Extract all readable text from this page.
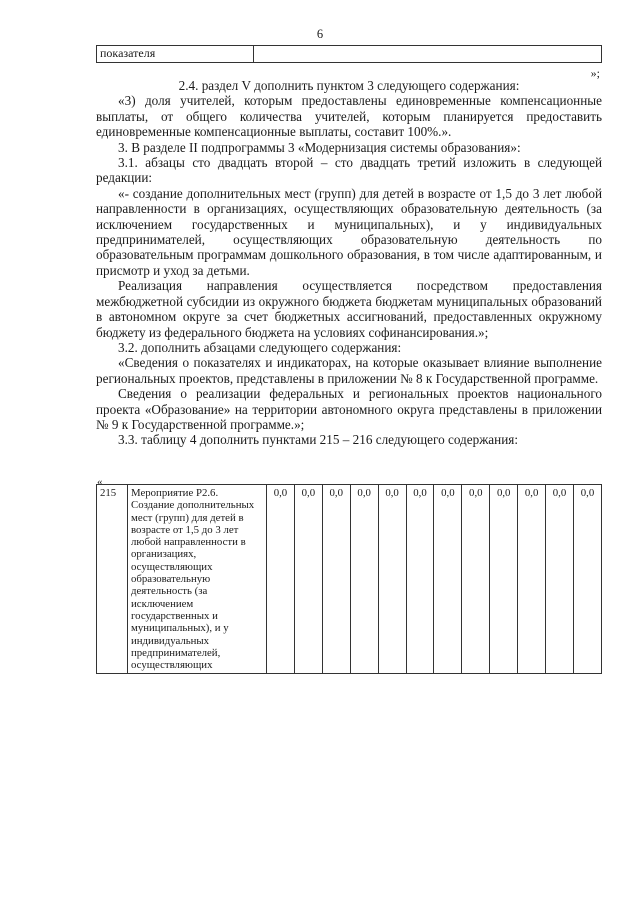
6
показателя	
»;

2.4. раздел V дополнить пунктом 3 следующего содержания:

«3) доля учителей, которым предоставлены единовременные компенсационные выплаты, от общего количества учителей, которым планируется предоставить единовременные компенсационные выплаты, составит 100%.».

3. В разделе II подпрограммы 3 «Модернизация системы образования»:

3.1. абзацы сто двадцать второй – сто двадцать третий изложить в следующей редакции:

«- создание дополнительных мест (групп) для детей в возрасте от 1,5 до 3 лет любой направленности в организациях, осуществляющих образовательную деятельность (за исключением государственных и муниципальных), и у индивидуальных предпринимателей, осуществляющих образовательную деятельность по образовательным программам дошкольного образования, в том числе адаптированным, и присмотр и уход за детьми.

Реализация направления осуществляется посредством предоставления межбюджетной субсидии из окружного бюджета бюджетам муниципальных образований в автономном округе за счет бюджетных ассигнований, предоставленных окружному бюджету из федерального бюджета на условиях софинансирования.»;

3.2. дополнить абзацами следующего содержания:

«Сведения о показателях и индикаторах, на которые оказывает влияние выполнение региональных проектов, представлены в приложении № 8 к Государственной программе.

Сведения о реализации федеральных и региональных проектов национального проекта «Образование» на территории автономного округа представлены в приложении № 9 к Государственной программе.»;

3.3. таблицу 4 дополнить пунктами 215 – 216 следующего содержания:

«
215	Мероприятие Р2.6. Создание дополнительных мест (групп) для детей в возрасте от 1,5 до 3 лет любой направленности в организациях, осуществляющих образовательную деятельность (за исключением государственных и муниципальных), и у индивидуальных предпринимателей, осуществляющих	0,0	0,0	0,0	0,0	0,0	0,0	0,0	0,0	0,0	0,0	0,0	0,0
